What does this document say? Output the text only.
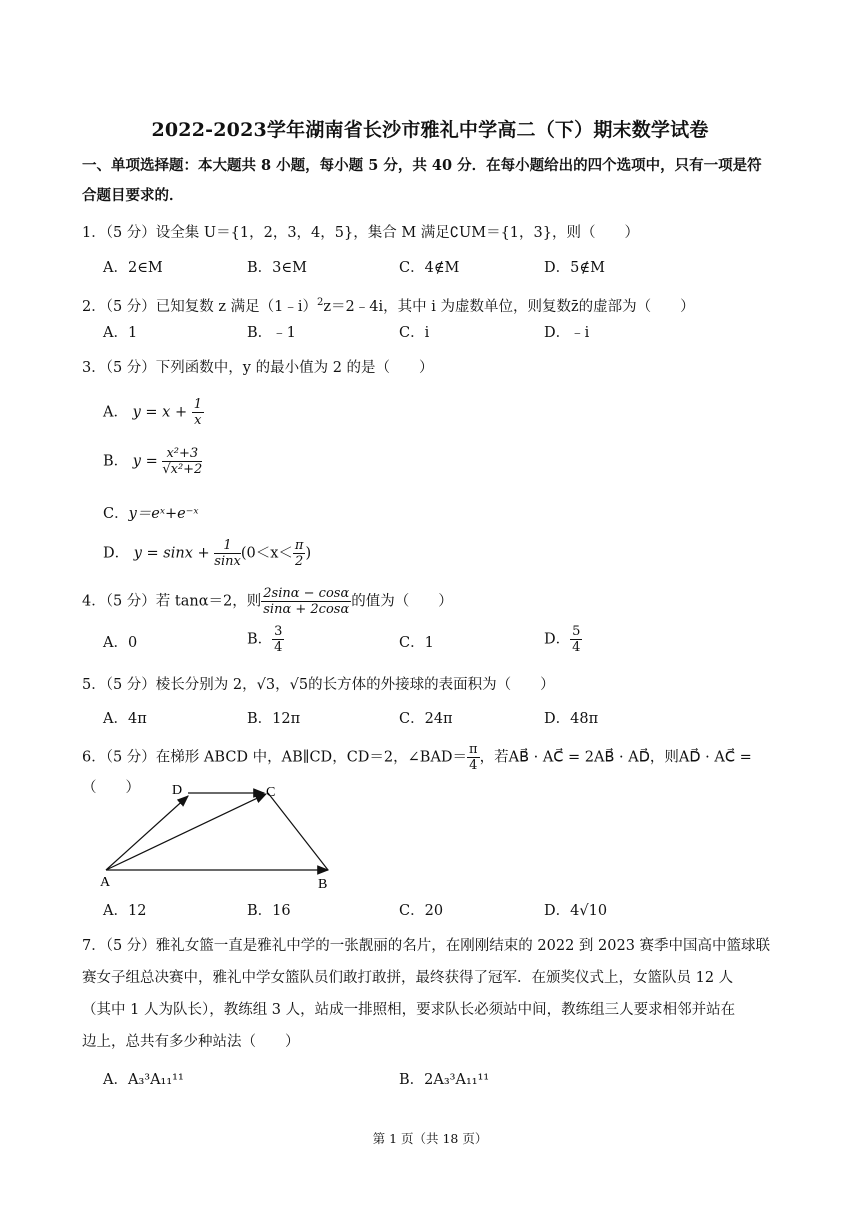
2022-2023学年湖南省长沙市雅礼中学高二（下）期末数学试卷
一、单项选择题：本大题共 8 小题，每小题 5 分，共 40 分．在每小题给出的四个选项中，只有一项是符
合题目要求的．
1．（5 分）设全集 U＝{1，2，3，4，5}，集合 M 满足∁UM＝{1，3}，则（　　）
A．2∈M	B．3∈M	C．4∉M	D．5∉M
2．（5 分）已知复数 z 满足（1﹣i）$^2$z＝2﹣4i，其中 i 为虚数单位，则复数z̄的虚部为（　　）
A．1	B．﹣1	C．i	D．﹣i
3．（5 分）下列函数中，y 的最小值为 2 的是（　　）
A． $y = x + \frac{1}{x}$
B． $y = \frac{\text{x²+3}}{\text{√x²+2}}$
C．y＝eˣ+e⁻ˣ
D． $y = \sin x + \frac{1}{\sin x} (0<x< \frac{\pi}{2}$ )
4．（5 分）若 tanα＝2，则 $\frac{2\sin\alpha - \cos\alpha}{\sin\alpha + 2\cos\alpha}$ 的值为（　　）
A．0	B． $\frac{3}{4}$	C．1	D． $\frac{5}{4}$
5．（5 分）棱长分别为 2，√3，√5的长方体的外接球的表面积为（　　）
A．4π	B．12π	C．24π	D．48π
6．（5 分）在梯形 ABCD 中，AB∥CD，CD＝2，∠BAD＝ $\frac{\pi}{4}$ ，若AB⃗ · AC⃗ = 2AB⃗ · AD⃗，则AD⃗ · AC⃗ =（　　）
A	B
C
D
A．12	B．16	C．20	D．4√10
7．（5 分）雅礼女篮一直是雅礼中学的一张靓丽的名片，在刚刚结束的 2022 到 2023 赛季中国高中篮球联
赛女子组总决赛中，雅礼中学女篮队员们敢打敢拼，最终获得了冠军．在颁奖仪式上，女篮队员 12 人
（其中 1 人为队长），教练组 3 人，站成一排照相，要求队长必须站中间，教练组三人要求相邻并站在
边上，总共有多少种站法（　　）
A．A₃³A₁₁¹¹	B．2A₃³A₁₁¹¹
第 1 页（共 18 页）
